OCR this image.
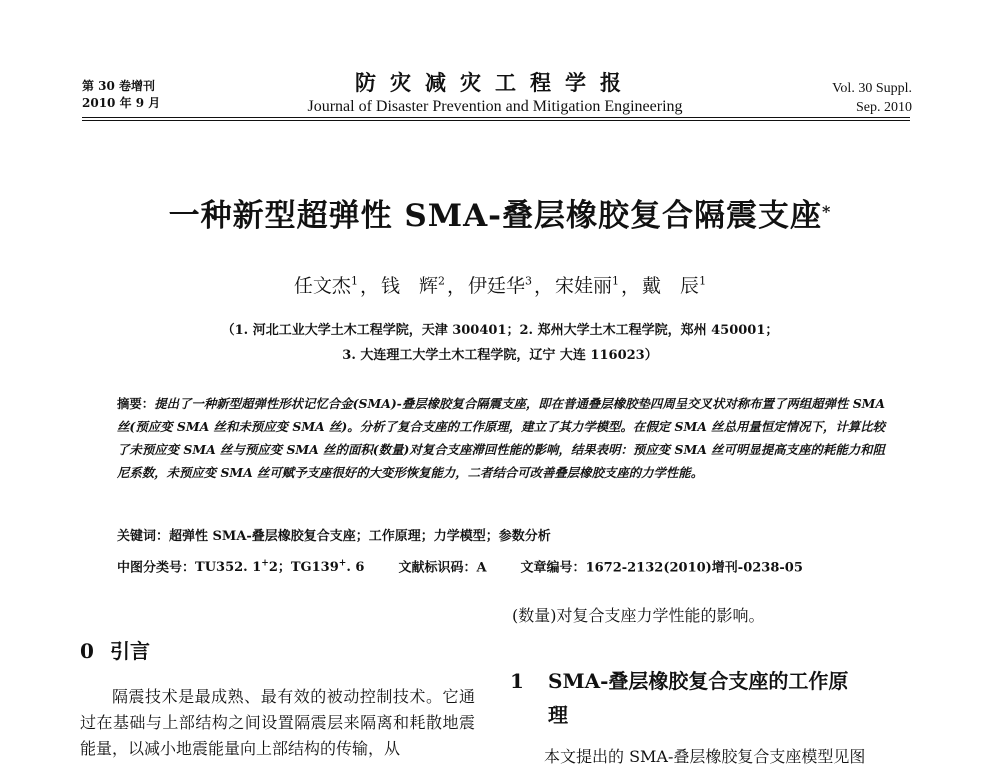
第 30 卷增刊
2010 年 9 月
防灾减灾工程学报
Journal of Disaster Prevention and Mitigation Engineering
Vol. 30 Suppl.
Sep. 2010
一种新型超弹性 SMA-叠层橡胶复合隔震支座*
任文杰$^1$ ， 钱　辉$^2$ ， 伊廷华$^3$ ， 宋娃丽$^1$ ， 戴　辰$^1$
（1. 河北工业大学土木工程学院，天津 300401；2. 郑州大学土木工程学院，郑州 450001；
3. 大连理工大学土木工程学院，辽宁 大连 116023）
摘要：提出了一种新型超弹性形状记忆合金(SMA)-叠层橡胶复合隔震支座，即在普通叠层橡胶垫四周呈交叉状对称布置了两组超弹性 SMA 丝(预应变 SMA 丝和未预应变 SMA 丝)。分析了复合支座的工作原理，建立了其力学模型。在假定 SMA 丝总用量恒定情况下，计算比较了未预应变 SMA 丝与预应变 SMA 丝的面积(数量)对复合支座滞回性能的影响，结果表明：预应变 SMA 丝可明显提高支座的耗能力和阻尼系数，未预应变 SMA 丝可赋予支座很好的大变形恢复能力，二者结合可改善叠层橡胶支座的力学性能。
关键词：超弹性 SMA-叠层橡胶复合支座；工作原理；力学模型；参数分析
中图分类号：TU352. 1+2；TG139+. 6	文献标识码：A	文章编号：1672-2132(2010)增刊-0238-05
0 引言

隔震技术是最成熟、最有效的被动控制技术。它通过在基础与上部结构之间设置隔震层来隔离和耗散地震能量，以减小地震能量向上部结构的传输，从

(数量)对复合支座力学性能的影响。
1 SMA-叠层橡胶复合支座的工作原
理

本文提出的 SMA-叠层橡胶复合支座模型见图
